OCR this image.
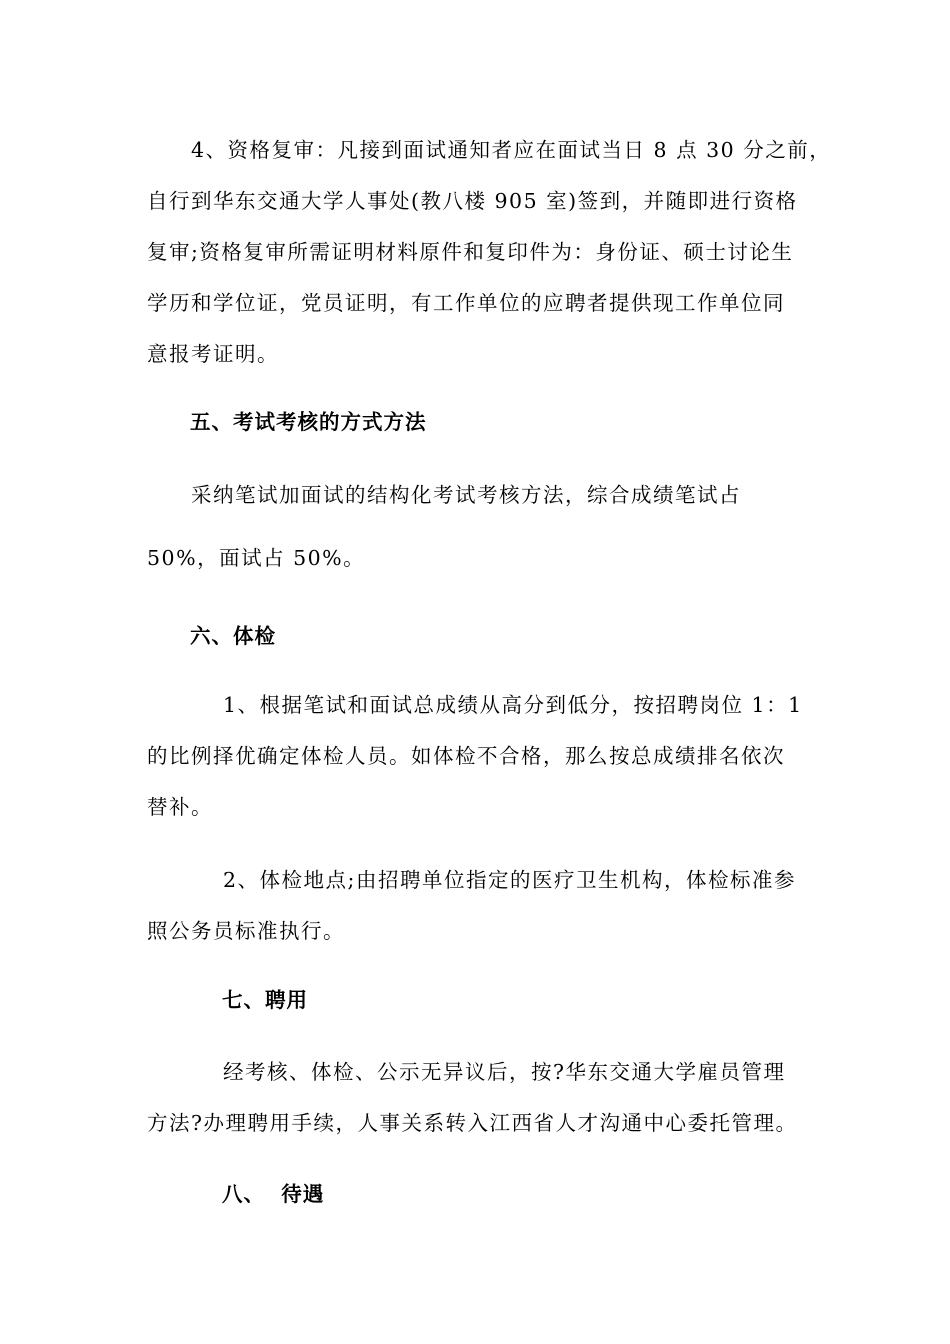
4、资格复审：凡接到面试通知者应在面试当日 8 点 30 分之前，
自行到华东交通大学人事处(教八楼 905 室)签到，并随即进行资格
复审;资格复审所需证明材料原件和复印件为：身份证、硕士讨论生
学历和学位证，党员证明，有工作单位的应聘者提供现工作单位同
意报考证明。
五、考试考核的方式方法
采纳笔试加面试的结构化考试考核方法，综合成绩笔试占
50%，面试占 50%。
六、体检
1、根据笔试和面试总成绩从高分到低分，按招聘岗位 1：1
的比例择优确定体检人员。如体检不合格，那么按总成绩排名依次
替补。
2、体检地点;由招聘单位指定的医疗卫生机构，体检标准参
照公务员标准执行。
七、聘用
经考核、体检、公示无异议后，按?华东交通大学雇员管理
方法?办理聘用手续，人事关系转入江西省人才沟通中心委托管理。
八、  待遇
